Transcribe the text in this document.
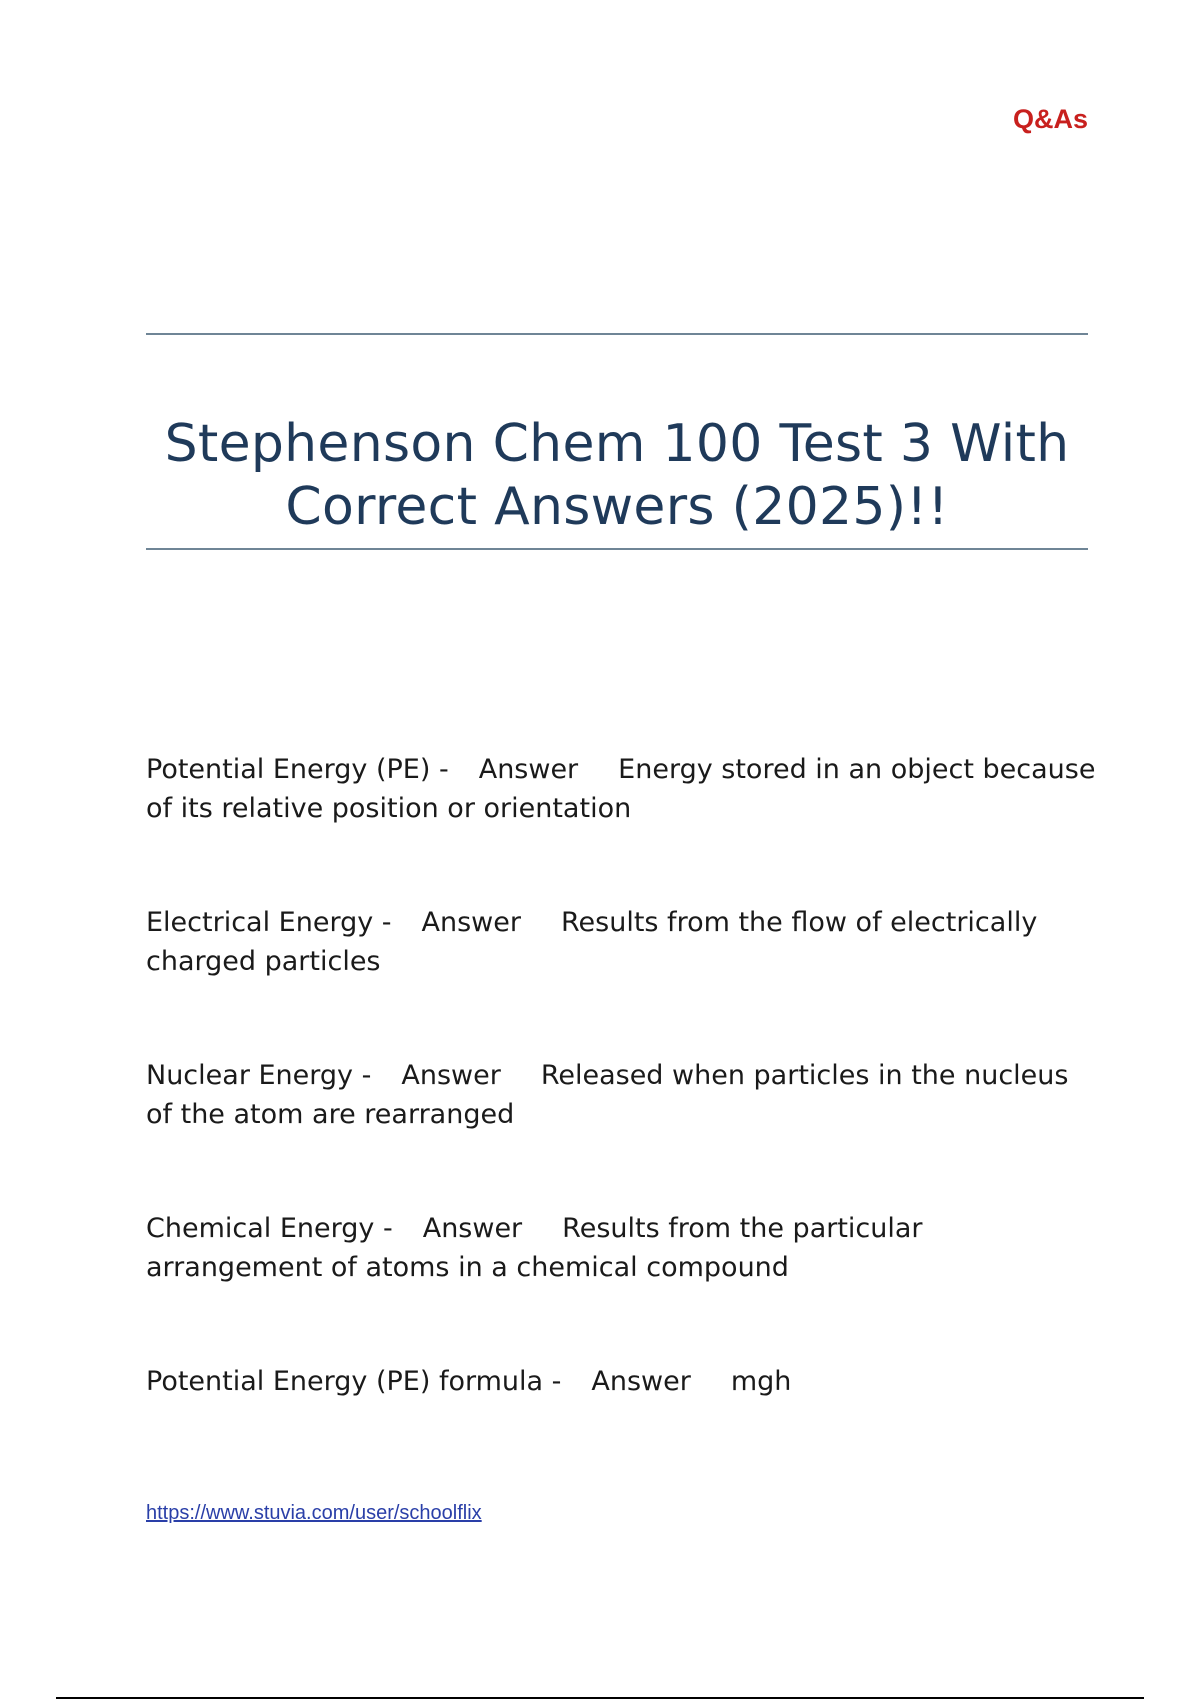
Q&As
Stephenson Chem 100 Test 3 With Correct Answers (2025)!!
Potential Energy (PE) - Answer Energy stored in an object because of its relative position or orientation
Electrical Energy - Answer Results from the flow of electrically charged particles
Nuclear Energy - Answer Released when particles in the nucleus of the atom are rearranged
Chemical Energy - Answer Results from the particular arrangement of atoms in a chemical compound
Potential Energy (PE) formula - Answer mgh
https://www.stuvia.com/user/schoolflix
